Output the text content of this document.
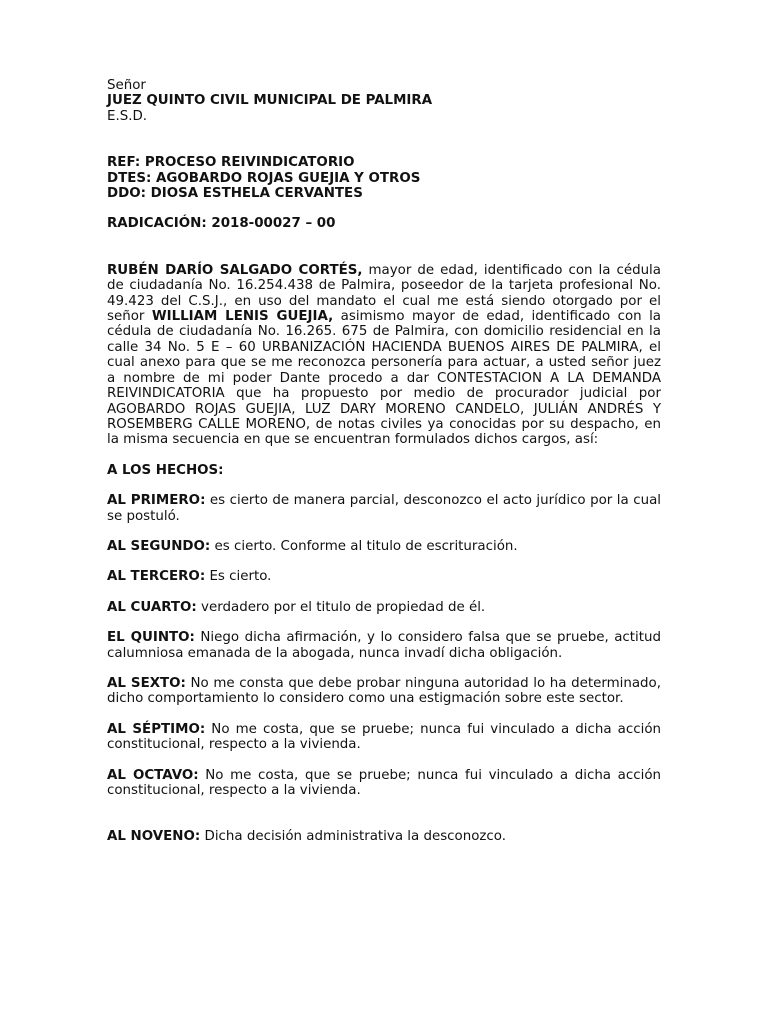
Señor
JUEZ QUINTO CIVIL MUNICIPAL DE PALMIRA
E.S.D.
REF: PROCESO REIVINDICATORIO
DTES: AGOBARDO ROJAS GUEJIA Y OTROS
DDO: DIOSA ESTHELA CERVANTES
RADICACIÓN: 2018-00027 – 00

RUBÉN DARÍO SALGADO CORTÉS, mayor de edad, identificado con la cédula de ciudadanía No. 16.254.438 de Palmira, poseedor de la tarjeta profesional No. 49.423 del C.S.J., en uso del mandato el cual me está siendo otorgado por el señor WILLIAM LENIS GUEJIA, asimismo mayor de edad, identificado con la cédula de ciudadanía No. 16.265. 675 de Palmira, con domicilio residencial en la calle 34 No. 5 E – 60 URBANIZACIÓN HACIENDA BUENOS AIRES DE PALMIRA, el cual anexo para que se me reconozca personería para actuar, a usted señor juez a nombre de mi poder Dante procedo a dar CONTESTACION A LA DEMANDA REIVINDICATORIA que ha propuesto por medio de procurador judicial por AGOBARDO ROJAS GUEJIA, LUZ DARY MORENO CANDELO, JULIÁN ANDRÉS Y ROSEMBERG CALLE MORENO, de notas civiles ya conocidas por su despacho, en la misma secuencia en que se encuentran formulados dichos cargos, así:

A LOS HECHOS:

AL PRIMERO: es cierto de manera parcial, desconozco el acto jurídico por la cual se postuló.

AL SEGUNDO: es cierto. Conforme al titulo de escrituración.

AL TERCERO: Es cierto.

AL CUARTO: verdadero por el titulo de propiedad de él.

EL QUINTO: Niego dicha afirmación, y lo considero falsa que se pruebe, actitud calumniosa emanada de la abogada, nunca invadí dicha obligación.

AL SEXTO: No me consta que debe probar ninguna autoridad lo ha determinado, dicho comportamiento lo considero como una estigmación sobre este sector.

AL SÉPTIMO: No me costa, que se pruebe; nunca fui vinculado a dicha acción constitucional, respecto a la vivienda.

AL OCTAVO: No me costa, que se pruebe; nunca fui vinculado a dicha acción constitucional, respecto a la vivienda.

AL NOVENO: Dicha decisión administrativa la desconozco.
